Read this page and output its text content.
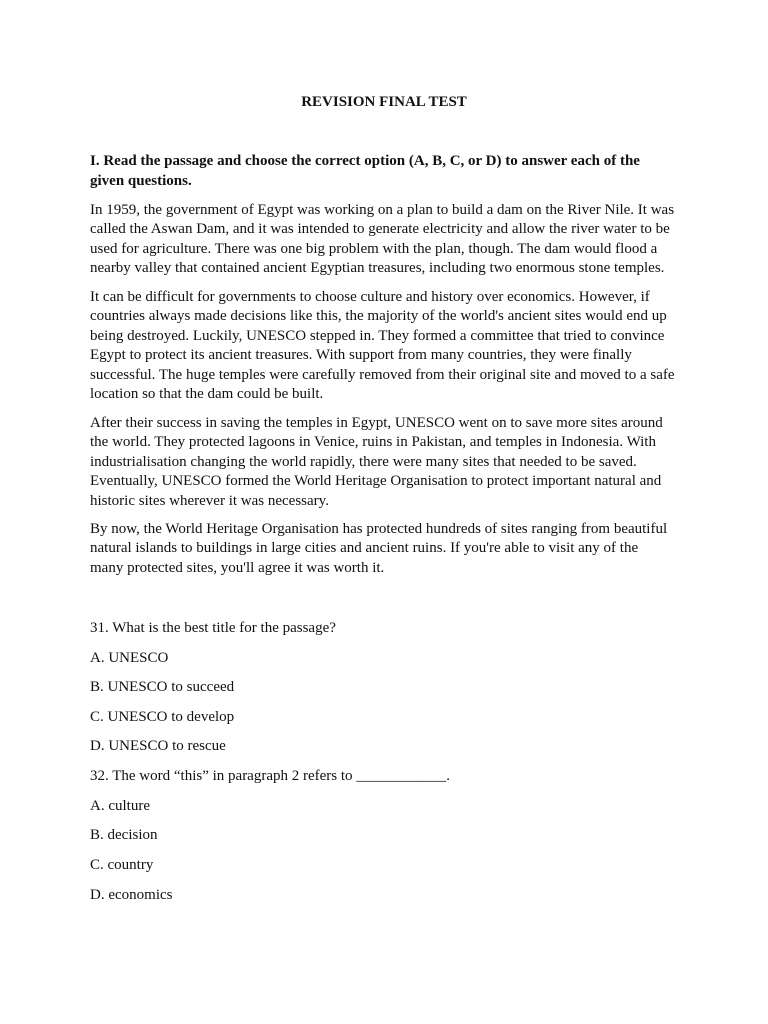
REVISION FINAL TEST

I. Read the passage and choose the correct option (A, B, C, or D) to answer each of the
given questions.

In 1959, the government of Egypt was working on a plan to build a dam on the River Nile. It was
called the Aswan Dam, and it was intended to generate electricity and allow the river water to be
used for agriculture. There was one big problem with the plan, though. The dam would flood a
nearby valley that contained ancient Egyptian treasures, including two enormous stone temples.

It can be difficult for governments to choose culture and history over economics. However, if
countries always made decisions like this, the majority of the world's ancient sites would end up
being destroyed. Luckily, UNESCO stepped in. They formed a committee that tried to convince
Egypt to protect its ancient treasures. With support from many countries, they were finally
successful. The huge temples were carefully removed from their original site and moved to a safe
location so that the dam could be built.

After their success in saving the temples in Egypt, UNESCO went on to save more sites around
the world. They protected lagoons in Venice, ruins in Pakistan, and temples in Indonesia. With
industrialisation changing the world rapidly, there were many sites that needed to be saved.
Eventually, UNESCO formed the World Heritage Organisation to protect important natural and
historic sites wherever it was necessary.

By now, the World Heritage Organisation has protected hundreds of sites ranging from beautiful
natural islands to buildings in large cities and ancient ruins. If you're able to visit any of the
many protected sites, you'll agree it was worth it.

31. What is the best title for the passage?

A. UNESCO

B. UNESCO to succeed

C. UNESCO to develop

D. UNESCO to rescue

32. The word “this” in paragraph 2 refers to ____________.

A. culture

B. decision

C. country

D. economics
